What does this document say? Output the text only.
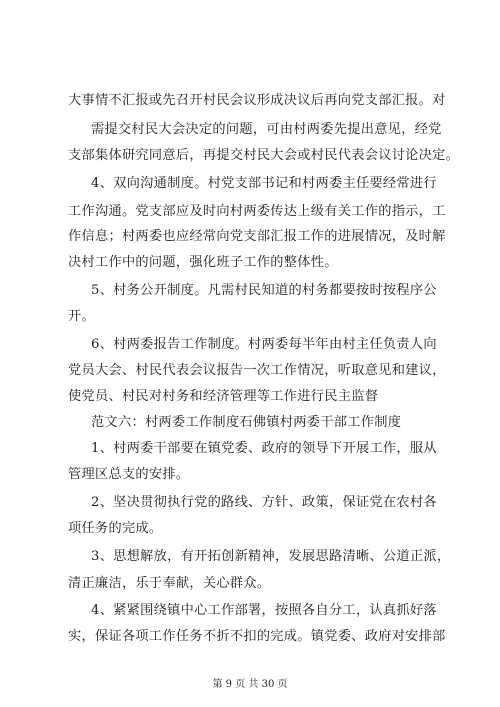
大事情不汇报或先召开村民会议形成决议后再向党支部汇报。对
需提交村民大会决定的问题，可由村两委先提出意见，经党
支部集体研究同意后，再提交村民大会或村民代表会议讨论决定。
4、双向沟通制度。村党支部书记和村两委主任要经常进行
工作沟通。党支部应及时向村两委传达上级有关工作的指示，工
作信息；村两委也应经常向党支部汇报工作的进展情况，及时解
决村工作中的问题，强化班子工作的整体性。
5、村务公开制度。凡需村民知道的村务都要按时按程序公
开。
6、村两委报告工作制度。村两委每半年由村主任负责人向
党员大会、村民代表会议报告一次工作情况，听取意见和建议，
使党员、村民对村务和经济管理等工作进行民主监督
范文六：村两委工作制度石佛镇村两委干部工作制度
1、村两委干部要在镇党委、政府的领导下开展工作，服从
管理区总支的安排。
2、坚决贯彻执行党的路线、方针、政策，保证党在农村各
项任务的完成。
3、思想解放，有开拓创新精神，发展思路清晰、公道正派，
清正廉洁，乐于奉献，关心群众。
4、紧紧围绕镇中心工作部署，按照各自分工，认真抓好落
实，保证各项工作任务不折不扣的完成。镇党委、政府对安排部
第 9 页 共 30 页
